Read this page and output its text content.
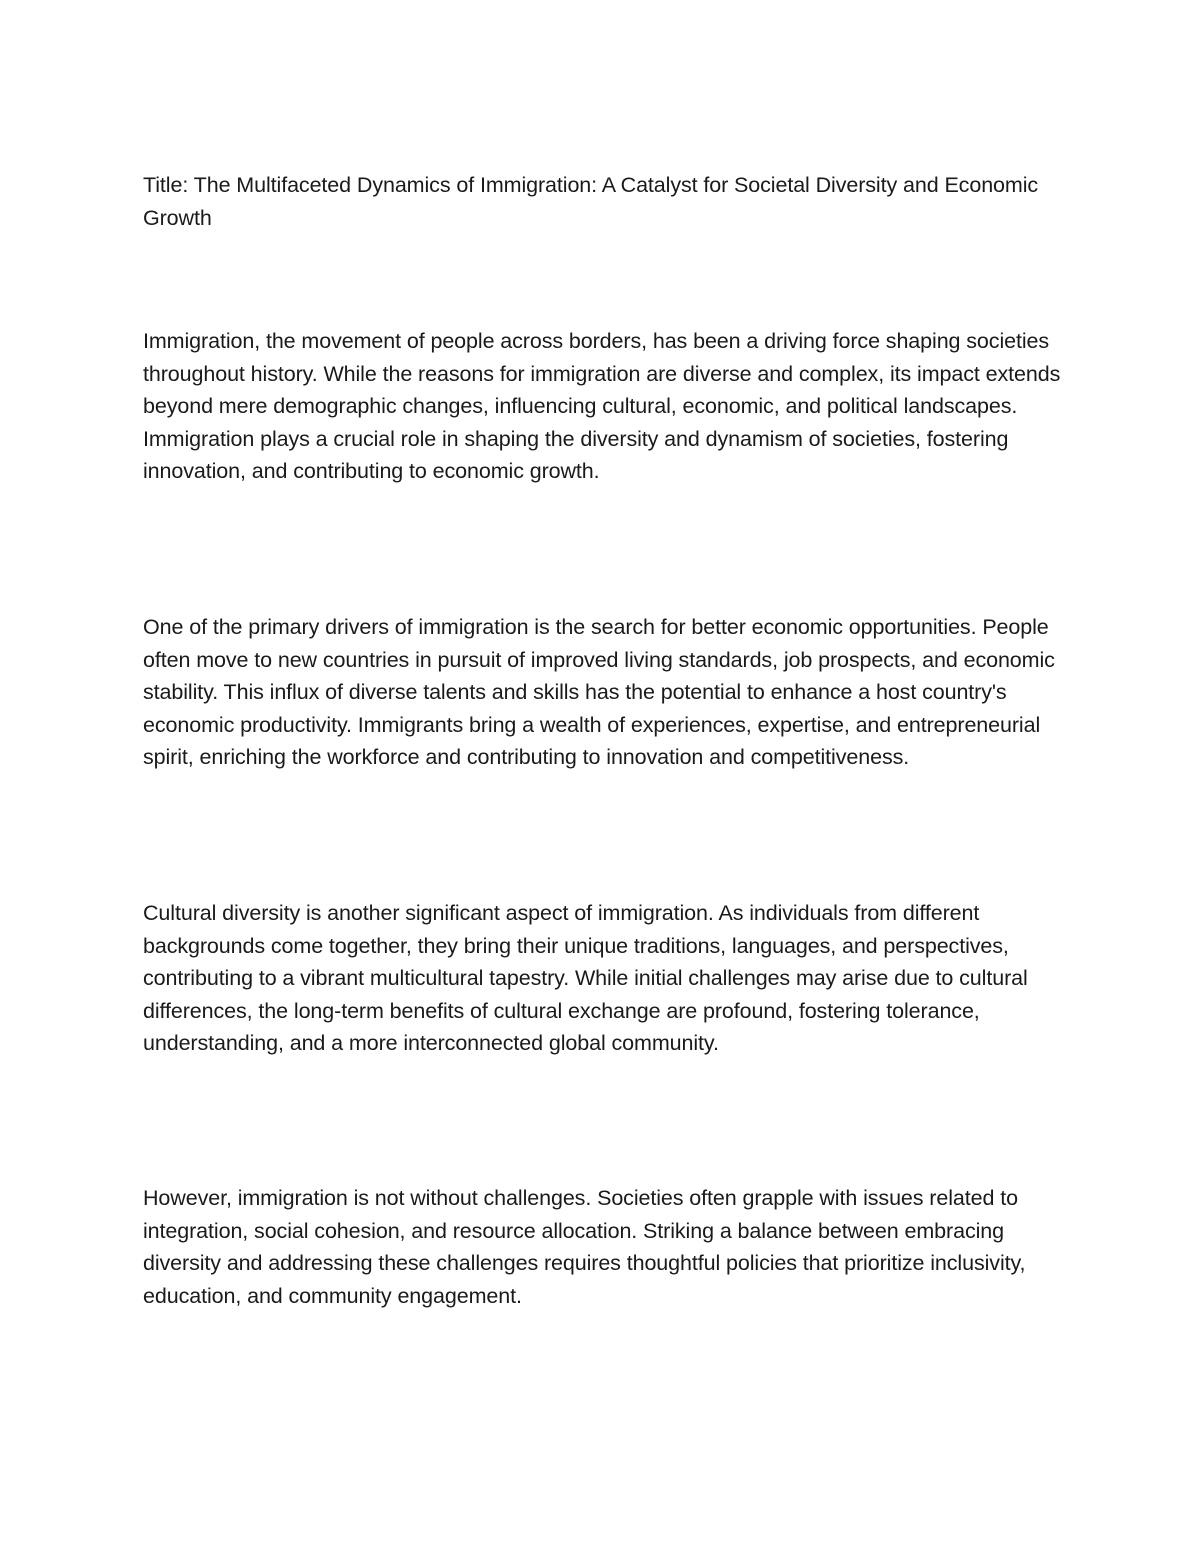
Title: The Multifaceted Dynamics of Immigration: A Catalyst for Societal Diversity and Economic Growth

Immigration, the movement of people across borders, has been a driving force shaping societies throughout history. While the reasons for immigration are diverse and complex, its impact extends beyond mere demographic changes, influencing cultural, economic, and political landscapes. Immigration plays a crucial role in shaping the diversity and dynamism of societies, fostering innovation, and contributing to economic growth.

One of the primary drivers of immigration is the search for better economic opportunities. People often move to new countries in pursuit of improved living standards, job prospects, and economic stability. This influx of diverse talents and skills has the potential to enhance a host country's economic productivity. Immigrants bring a wealth of experiences, expertise, and entrepreneurial spirit, enriching the workforce and contributing to innovation and competitiveness.

Cultural diversity is another significant aspect of immigration. As individuals from different backgrounds come together, they bring their unique traditions, languages, and perspectives, contributing to a vibrant multicultural tapestry. While initial challenges may arise due to cultural differences, the long-term benefits of cultural exchange are profound, fostering tolerance, understanding, and a more interconnected global community.

However, immigration is not without challenges. Societies often grapple with issues related to integration, social cohesion, and resource allocation. Striking a balance between embracing diversity and addressing these challenges requires thoughtful policies that prioritize inclusivity, education, and community engagement.
